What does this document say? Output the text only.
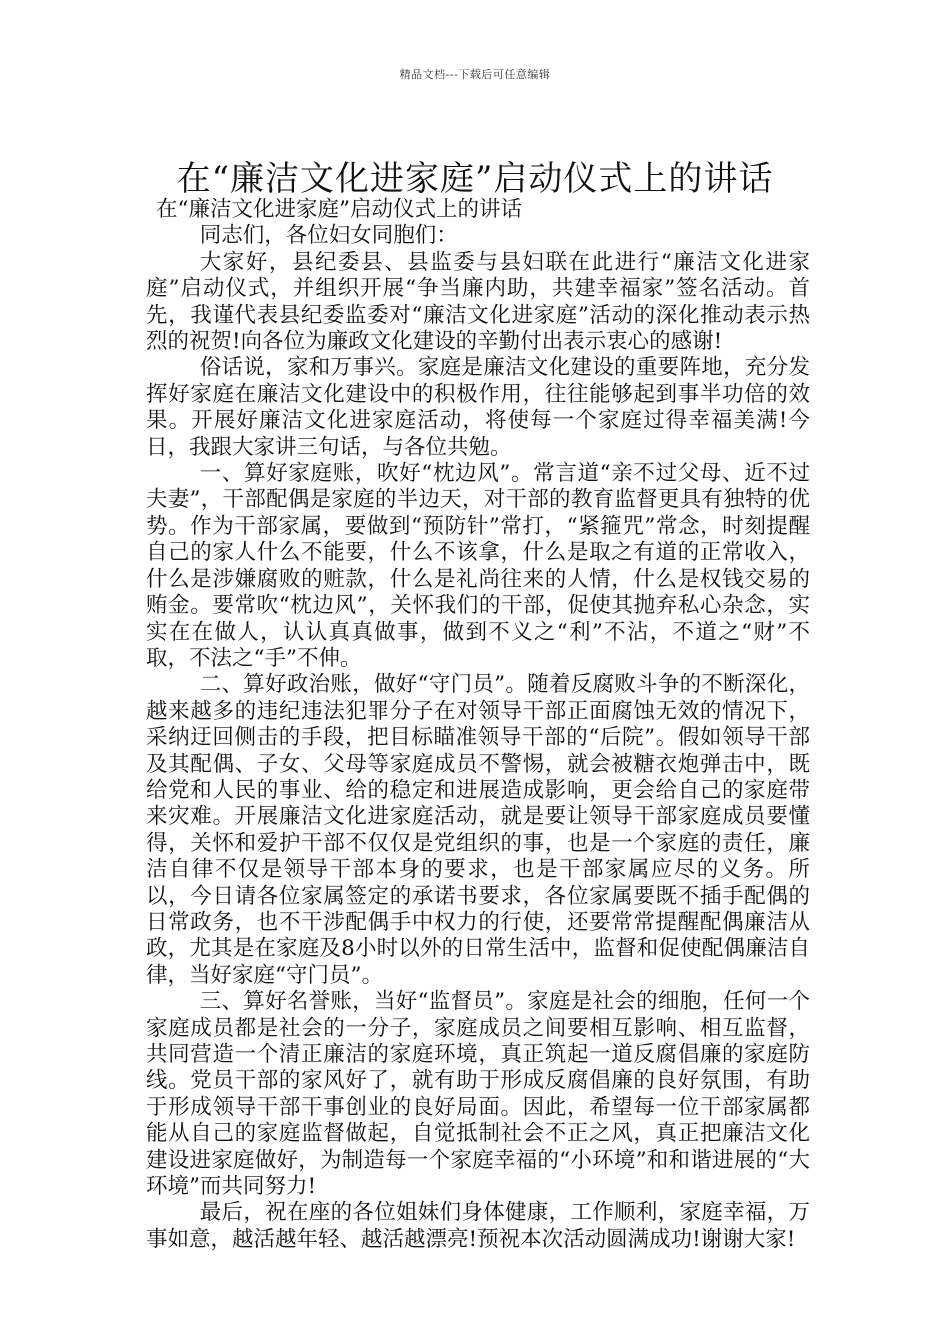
精品文档---下载后可任意编辑
在“廉洁文化进家庭”启动仪式上的讲话

在“廉洁文化进家庭”启动仪式上的讲话

同志们，各位妇女同胞们：

大家好，县纪委县、县监委与县妇联在此进行“廉洁文化进家庭”启动仪式，并组织开展“争当廉内助，共建幸福家”签名活动。首先，我谨代表县纪委监委对“廉洁文化进家庭”活动的深化推动表示热烈的祝贺!向各位为廉政文化建设的辛勤付出表示衷心的感谢!

俗话说，家和万事兴。家庭是廉洁文化建设的重要阵地，充分发挥好家庭在廉洁文化建设中的积极作用，往往能够起到事半功倍的效果。开展好廉洁文化进家庭活动，将使每一个家庭过得幸福美满!今日，我跟大家讲三句话，与各位共勉。

一、算好家庭账，吹好“枕边风”。常言道“亲不过父母、近不过夫妻”，干部配偶是家庭的半边天，对干部的教育监督更具有独特的优势。作为干部家属，要做到“预防针”常打，“紧箍咒”常念，时刻提醒自己的家人什么不能要，什么不该拿，什么是取之有道的正常收入，什么是涉嫌腐败的赃款，什么是礼尚往来的人情，什么是权钱交易的贿金。要常吹“枕边风”，关怀我们的干部，促使其抛弃私心杂念，实实在在做人，认认真真做事，做到不义之“利”不沾，不道之“财”不取，不法之“手”不伸。

二、算好政治账，做好“守门员”。随着反腐败斗争的不断深化，越来越多的违纪违法犯罪分子在对领导干部正面腐蚀无效的情况下，采纳迂回侧击的手段，把目标瞄准领导干部的“后院”。假如领导干部及其配偶、子女、父母等家庭成员不警惕，就会被糖衣炮弹击中，既给党和人民的事业、给的稳定和进展造成影响，更会给自己的家庭带来灾难。开展廉洁文化进家庭活动，就是要让领导干部家庭成员要懂得，关怀和爱护干部不仅仅是党组织的事，也是一个家庭的责任，廉洁自律不仅是领导干部本身的要求，也是干部家属应尽的义务。所以，今日请各位家属签定的承诺书要求，各位家属要既不插手配偶的日常政务，也不干涉配偶手中权力的行使，还要常常提醒配偶廉洁从政，尤其是在家庭及8小时以外的日常生活中，监督和促使配偶廉洁自律，当好家庭“守门员”。

三、算好名誉账，当好“监督员”。家庭是社会的细胞，任何一个家庭成员都是社会的一分子，家庭成员之间要相互影响、相互监督，共同营造一个清正廉洁的家庭环境，真正筑起一道反腐倡廉的家庭防线。党员干部的家风好了，就有助于形成反腐倡廉的良好氛围，有助于形成领导干部干事创业的良好局面。因此，希望每一位干部家属都能从自己的家庭监督做起，自觉抵制社会不正之风，真正把廉洁文化建设进家庭做好，为制造每一个家庭幸福的“小环境”和和谐进展的“大环境”而共同努力!

最后，祝在座的各位姐妹们身体健康，工作顺利，家庭幸福，万事如意，越活越年轻、越活越漂亮!预祝本次活动圆满成功!谢谢大家!
